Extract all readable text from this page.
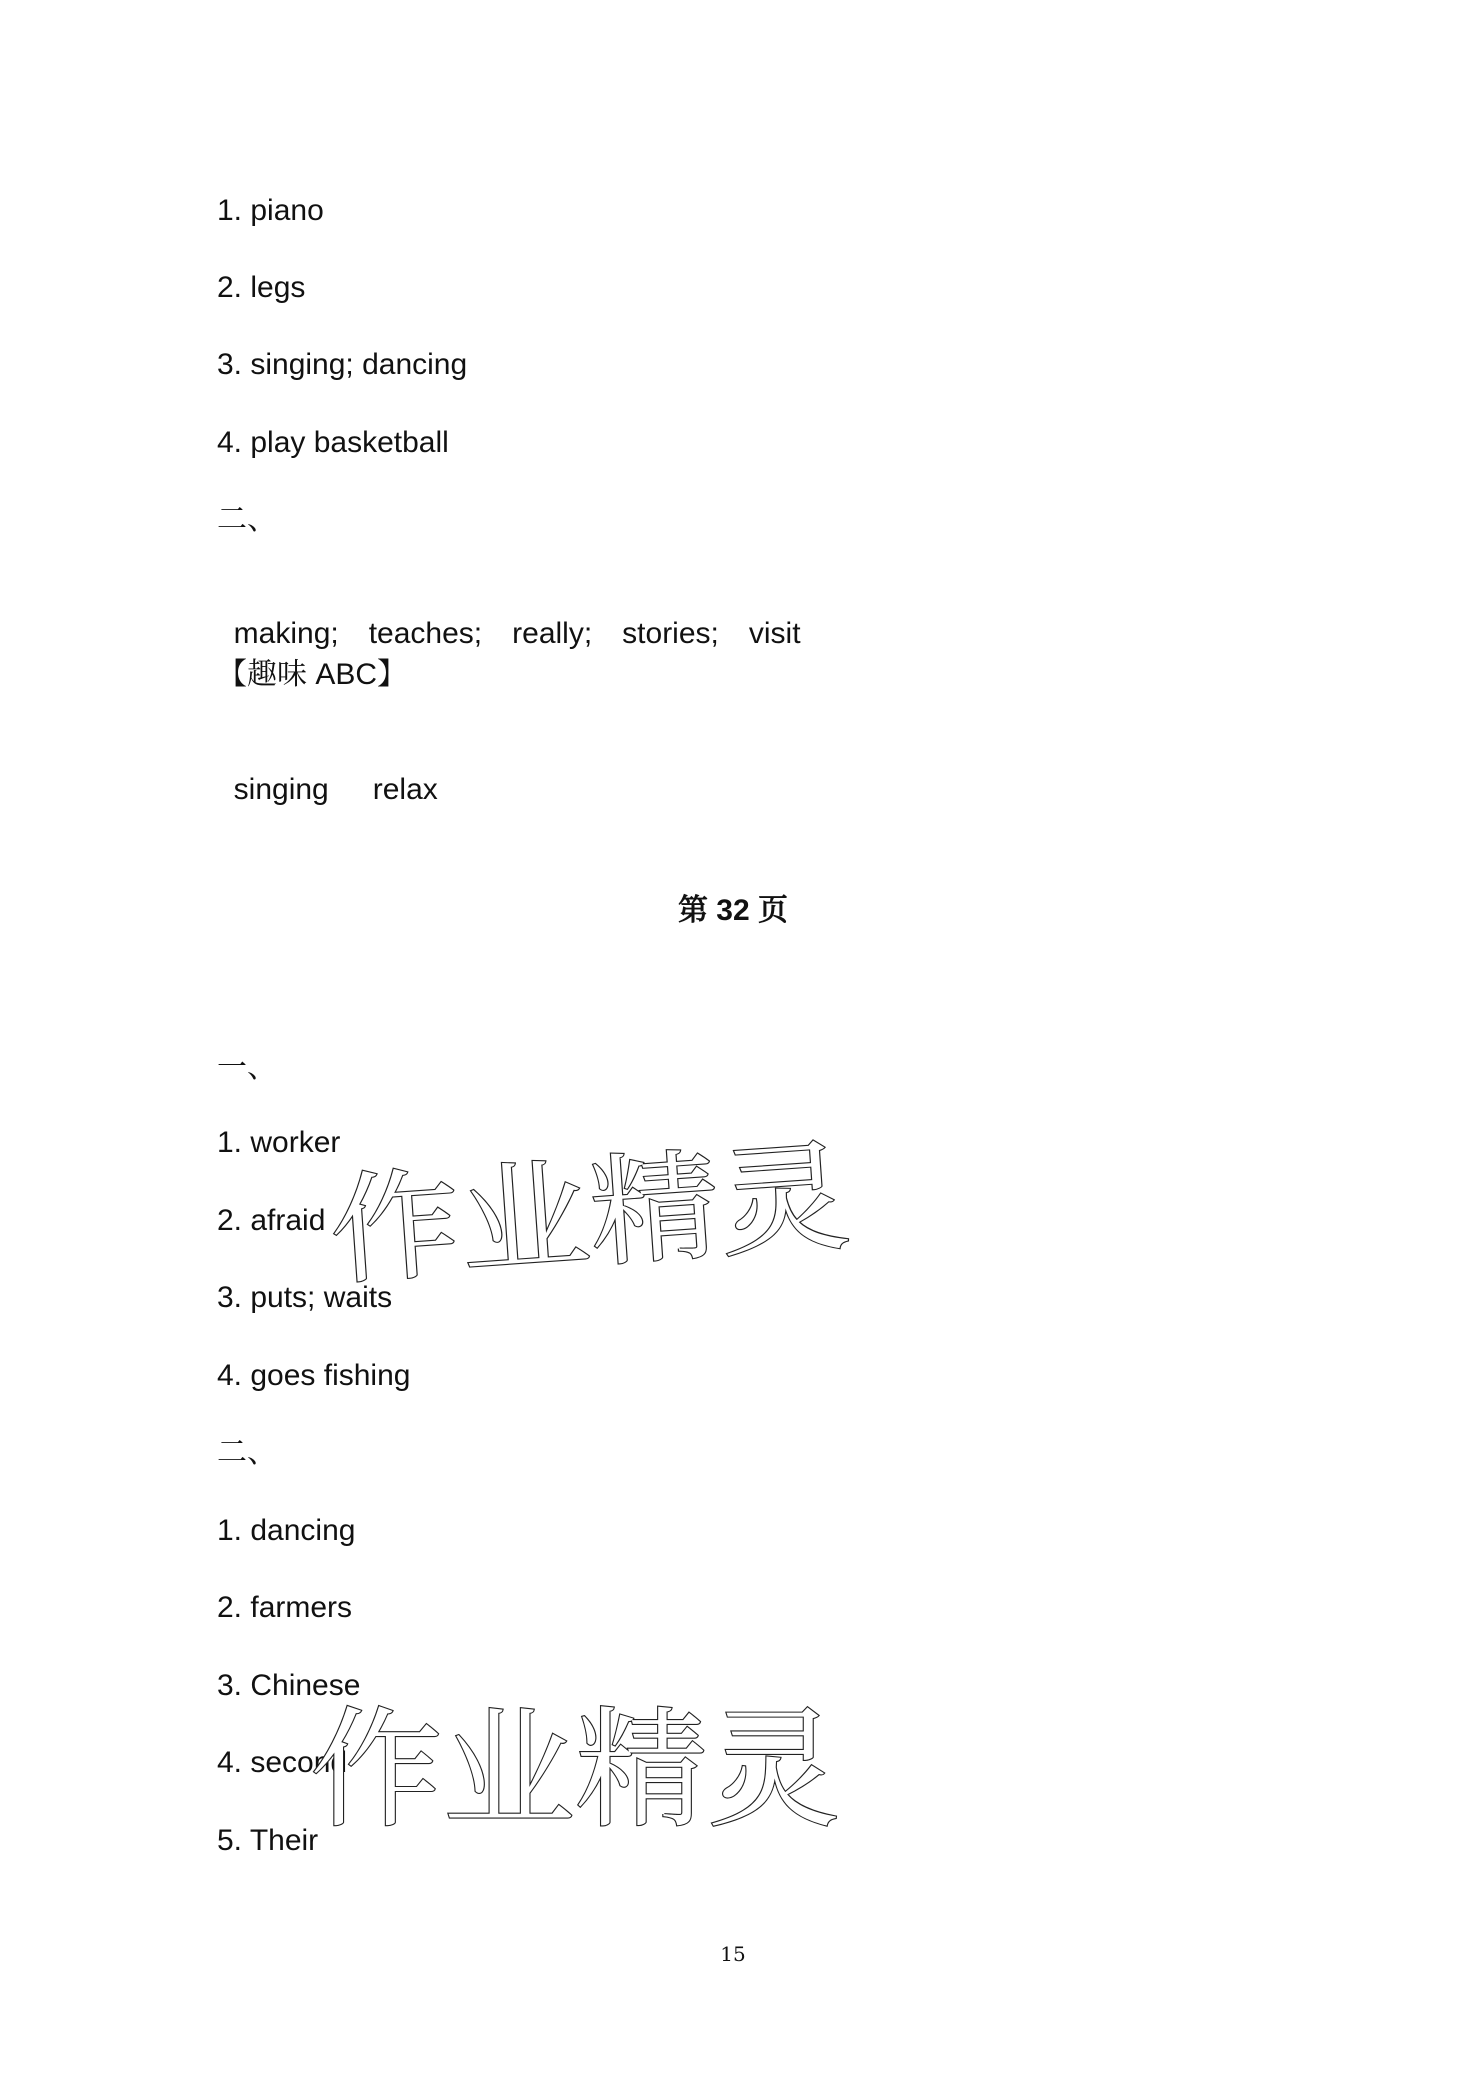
1. piano
2. legs
3. singing; dancing
4. play basketball
二、

making; teaches; really; stories; visit

【趣味 ABC】

singing relax

第 32 页
一、
1. worker
2. afraid
3. puts; waits
4. goes fishing
二、
1. dancing
2. farmers
3. Chinese
4. second
5. Their
作业精灵
作业精灵
15
